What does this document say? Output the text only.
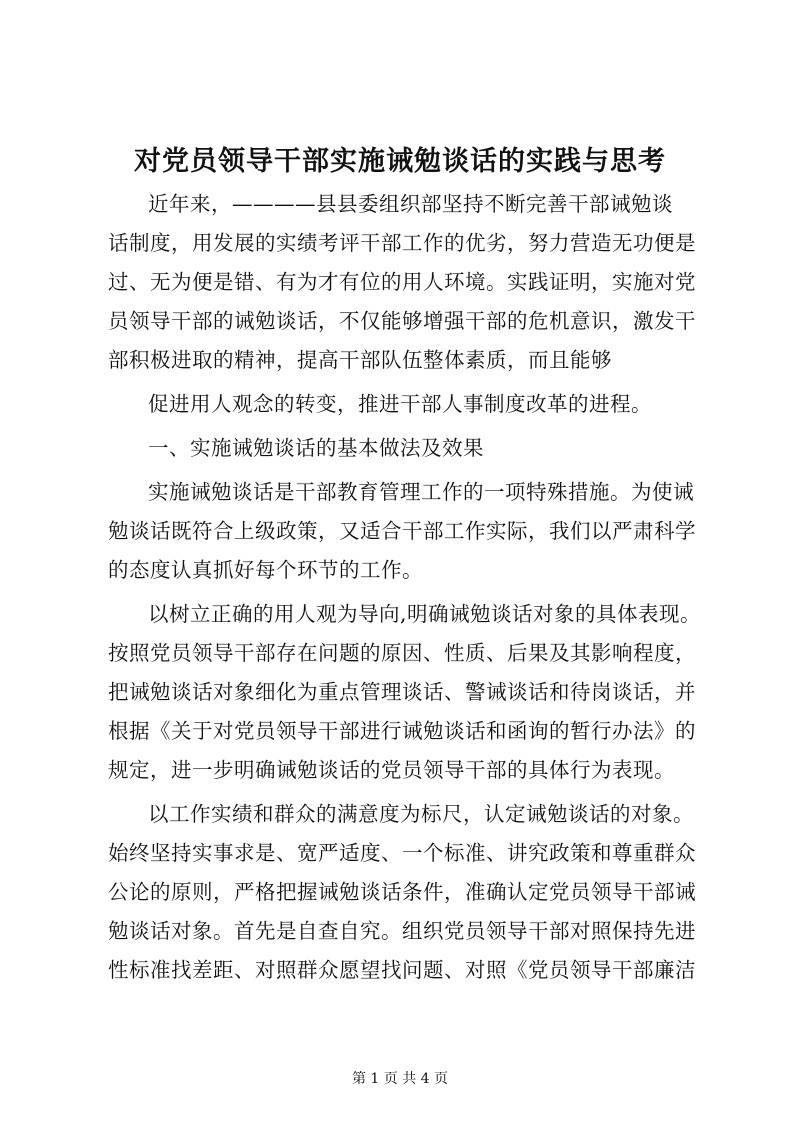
对党员领导干部实施诫勉谈话的实践与思考
近年来，————县县委组织部坚持不断完善干部诫勉谈
话制度，用发展的实绩考评干部工作的优劣，努力营造无功便是
过、无为便是错、有为才有位的用人环境。实践证明，实施对党
员领导干部的诫勉谈话，不仅能够增强干部的危机意识，激发干
部积极进取的精神，提高干部队伍整体素质，而且能够
促进用人观念的转变，推进干部人事制度改革的进程。
一、实施诫勉谈话的基本做法及效果
实施诫勉谈话是干部教育管理工作的一项特殊措施。为使诫
勉谈话既符合上级政策，又适合干部工作实际，我们以严肃科学
的态度认真抓好每个环节的工作。
以树立正确的用人观为导向,明确诫勉谈话对象的具体表现。
按照党员领导干部存在问题的原因、性质、后果及其影响程度，
把诫勉谈话对象细化为重点管理谈话、警诫谈话和待岗谈话，并
根据《关于对党员领导干部进行诫勉谈话和函询的暂行办法》的
规定，进一步明确诫勉谈话的党员领导干部的具体行为表现。
以工作实绩和群众的满意度为标尺，认定诫勉谈话的对象。
始终坚持实事求是、宽严适度、一个标准、讲究政策和尊重群众
公论的原则，严格把握诫勉谈话条件，准确认定党员领导干部诫
勉谈话对象。首先是自查自究。组织党员领导干部对照保持先进
性标准找差距、对照群众愿望找问题、对照《党员领导干部廉洁
第 1 页 共 4 页
